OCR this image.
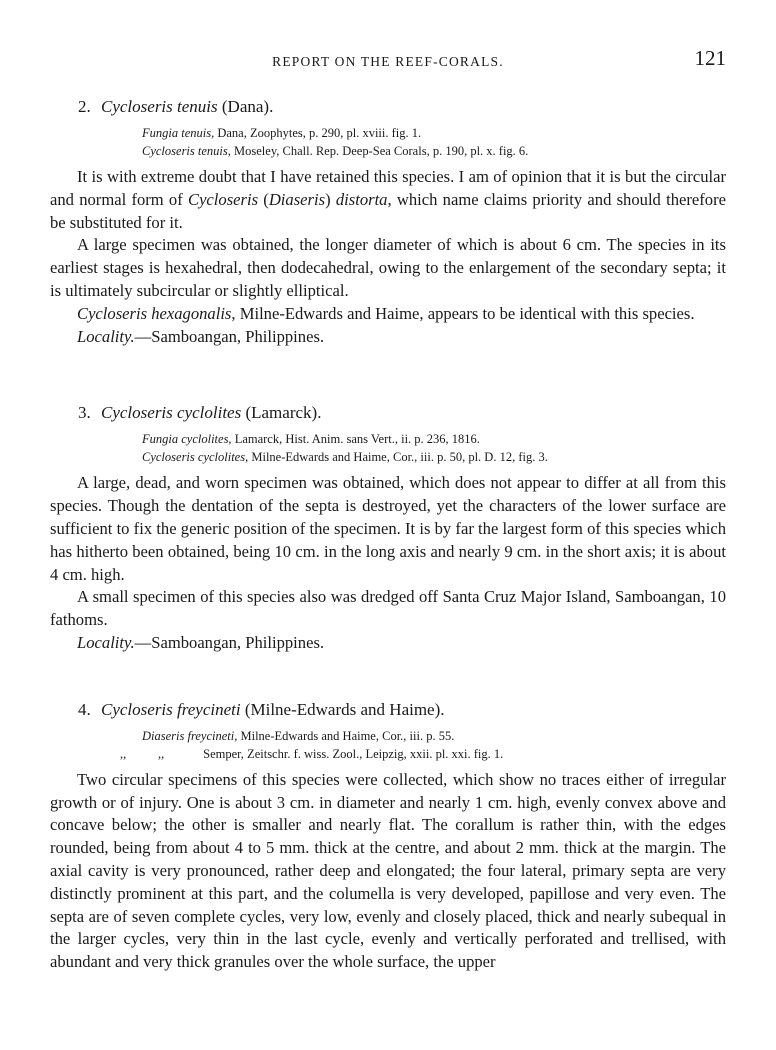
REPORT ON THE REEF-CORALS.	121
2. Cycloseris tenuis (Dana).
Fungia tenuis, Dana, Zoophytes, p. 290, pl. xviii. fig. 1.
Cycloseris tenuis, Moseley, Chall. Rep. Deep-Sea Corals, p. 190, pl. x. fig. 6.

It is with extreme doubt that I have retained this species. I am of opinion that it is but the circular and normal form of Cycloseris (Diaseris) distorta, which name claims priority and should therefore be substituted for it.

A large specimen was obtained, the longer diameter of which is about 6 cm. The species in its earliest stages is hexahedral, then dodecahedral, owing to the enlargement of the secondary septa; it is ultimately subcircular or slightly elliptical.

Cycloseris hexagonalis, Milne-Edwards and Haime, appears to be identical with this species.

Locality.—Samboangan, Philippines.

3. Cycloseris cyclolites (Lamarck).
Fungia cyclolites, Lamarck, Hist. Anim. sans Vert., ii. p. 236, 1816.
Cycloseris cyclolites, Milne-Edwards and Haime, Cor., iii. p. 50, pl. D. 12, fig. 3.

A large, dead, and worn specimen was obtained, which does not appear to differ at all from this species. Though the dentation of the septa is destroyed, yet the characters of the lower surface are sufficient to fix the generic position of the specimen. It is by far the largest form of this species which has hitherto been obtained, being 10 cm. in the long axis and nearly 9 cm. in the short axis; it is about 4 cm. high.

A small specimen of this species also was dredged off Santa Cruz Major Island, Samboangan, 10 fathoms.

Locality.—Samboangan, Philippines.

4. Cycloseris freycineti (Milne-Edwards and Haime).
Diaseris freycineti, Milne-Edwards and Haime, Cor., iii. p. 55.
,,	,,	Semper, Zeitschr. f. wiss. Zool., Leipzig, xxii. pl. xxi. fig. 1.

Two circular specimens of this species were collected, which show no traces either of irregular growth or of injury. One is about 3 cm. in diameter and nearly 1 cm. high, evenly convex above and concave below; the other is smaller and nearly flat. The corallum is rather thin, with the edges rounded, being from about 4 to 5 mm. thick at the centre, and about 2 mm. thick at the margin. The axial cavity is very pronounced, rather deep and elongated; the four lateral, primary septa are very distinctly prominent at this part, and the columella is very developed, papillose and very even. The septa are of seven complete cycles, very low, evenly and closely placed, thick and nearly subequal in the larger cycles, very thin in the last cycle, evenly and vertically perforated and trellised, with abundant and very thick granules over the whole surface, the upper
